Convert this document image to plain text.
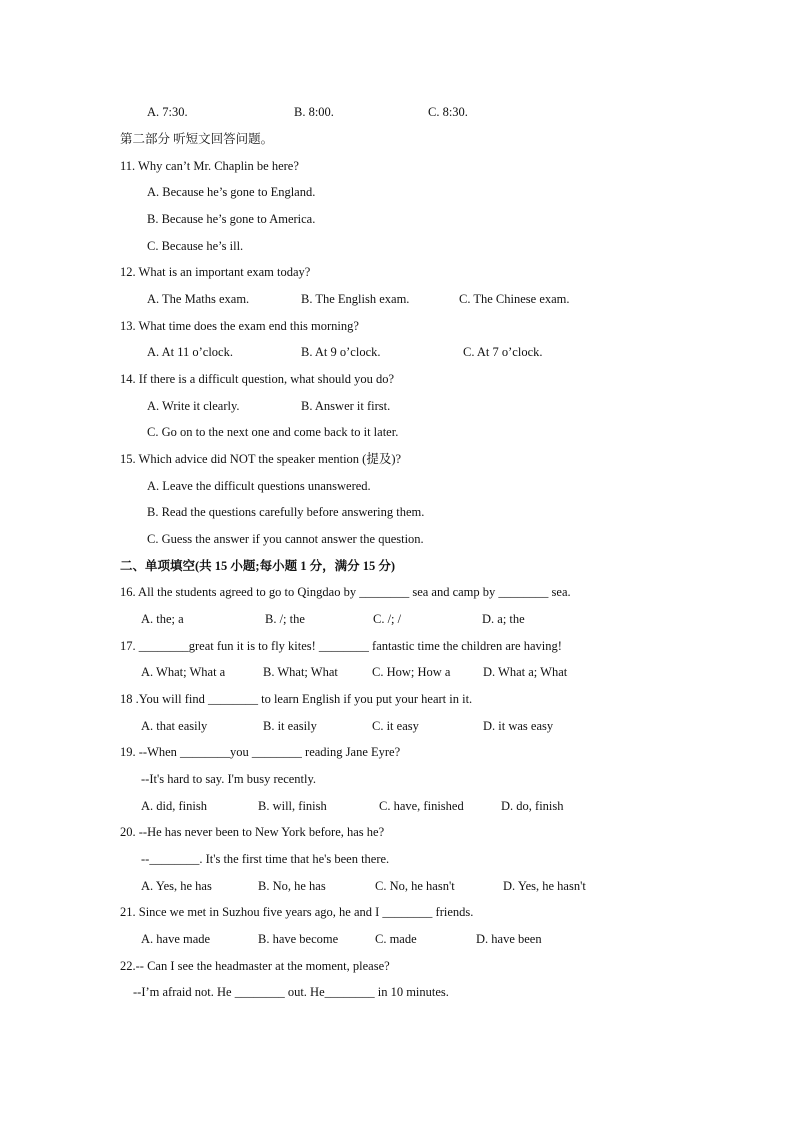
A. 7:30.	B. 8:00.	C. 8:30.
第二部分 听短文回答问题。
11. Why can’t Mr. Chaplin be here?
A. Because he’s gone to England.
B. Because he’s gone to America.
C. Because he’s ill.
12. What is an important exam today?
A. The Maths exam.	B. The English exam.	C. The Chinese exam.
13. What time does the exam end this morning?
A. At 11 o’clock.	B. At 9 o’clock.	C. At 7 o’clock.
14. If there is a difficult question, what should you do?
A. Write it clearly.	B. Answer it first.
C. Go on to the next one and come back to it later.
15. Which advice did NOT the speaker mention (提及)?
A. Leave the difficult questions unanswered.
B. Read the questions carefully before answering them.
C. Guess the answer if you cannot answer the question.
二、单项填空(共 15 小题;每小题 1 分，满分 15 分)
16. All the students agreed to go to Qingdao by ________ sea and camp by ________ sea.
A. the; a	B. /; the	C. /; /	D. a; the
17. ________great fun it is to fly kites! ________ fantastic time the children are having!
A. What; What a	B. What; What	C. How; How a	D. What a; What
18 .You will find ________ to learn English if you put your heart in it.
A. that easily	B. it easily	C. it easy	D. it was easy
19. --When ________you ________ reading Jane Eyre?
--It's hard to say. I'm busy recently.
A. did, finish	B. will, finish	C. have, finished	D. do, finish
20. --He has never been to New York before, has he?
--________. It's the first time that he's been there.
A. Yes, he has	B. No, he has	C. No, he hasn't	D. Yes, he hasn't
21. Since we met in Suzhou five years ago, he and I ________ friends.
A. have made	B. have become	C. made	D. have been
22.-- Can I see the headmaster at the moment, please?
--I’m afraid not. He ________ out. He________ in 10 minutes.
